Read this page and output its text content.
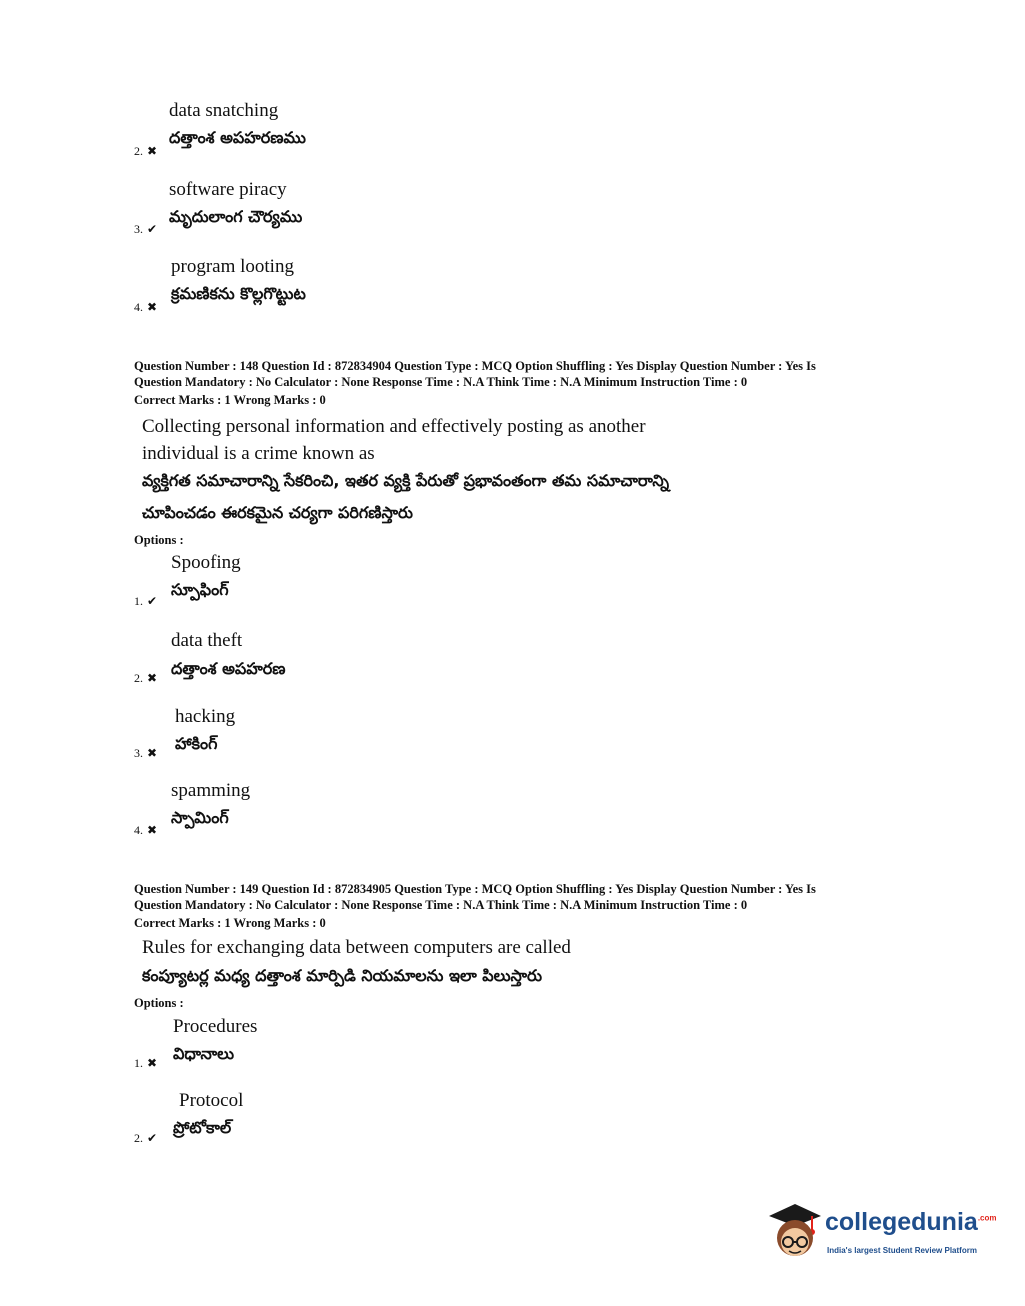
data snatching
దత్తాంశ అపహరణము
2. ✖
software piracy
మృదులాంగ చౌర్యము
3. ✔
program looting
క్రమణికను కొల్లగొట్టుట
4. ✖
Question Number : 148 Question Id : 872834904 Question Type : MCQ Option Shuffling : Yes Display Question Number : Yes Is
Question Mandatory : No Calculator : None Response Time : N.A Think Time : N.A Minimum Instruction Time : 0
Correct Marks : 1 Wrong Marks : 0
Collecting personal information and effectively posting as another
individual is a crime known as
వ్యక్తిగత సమాచారాన్ని సేకరించి, ఇతర వ్యక్తి పేరుతో ప్రభావంతంగా తమ సమాచారాన్ని
చూపించడం ఈరకమైన చర్యగా పరిగణిస్తారు
Options :
Spoofing
స్పూఫింగ్
1. ✔
data theft
దత్తాంశ అపహరణ
2. ✖
hacking
హాకింగ్
3. ✖
spamming
స్పామింగ్
4. ✖
Question Number : 149 Question Id : 872834905 Question Type : MCQ Option Shuffling : Yes Display Question Number : Yes Is
Question Mandatory : No Calculator : None Response Time : N.A Think Time : N.A Minimum Instruction Time : 0
Correct Marks : 1 Wrong Marks : 0
Rules for exchanging data between computers are called
కంప్యూటర్ల మధ్య దత్తాంశ మార్పిడి నియమాలను ఇలా పిలుస్తారు
Options :
Procedures
విధానాలు
1. ✖
Protocol
ప్రోటోకాల్
2. ✔
collegedunia$^{.com}$
India's largest Student Review Platform
